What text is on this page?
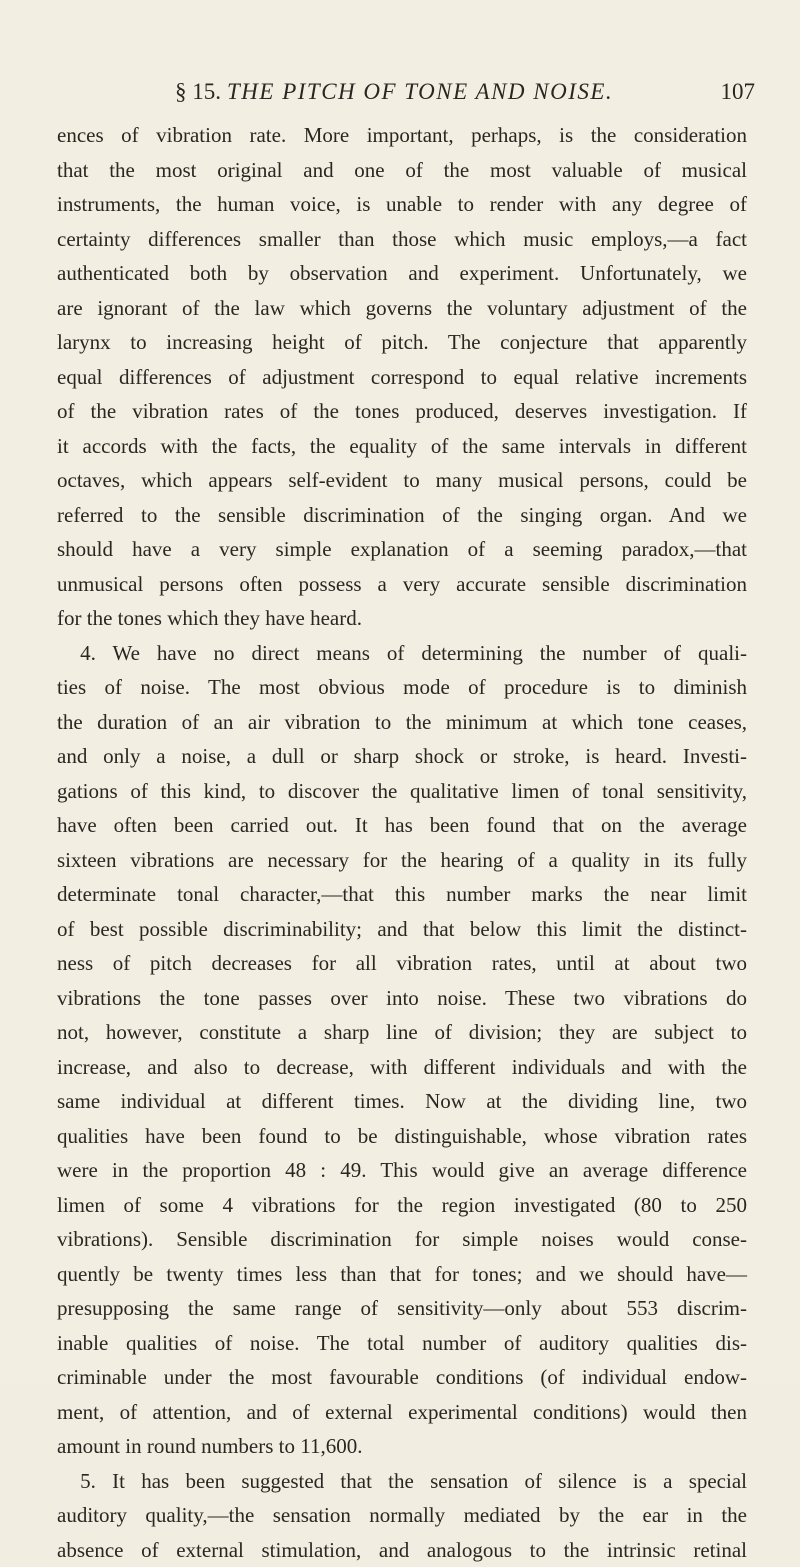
§ 15. THE PITCH OF TONE AND NOISE.	107
ences of vibration rate. More important, perhaps, is the consideration
that the most original and one of the most valuable of musical
instruments, the human voice, is unable to render with any degree of
certainty differences smaller than those which music employs,—a fact
authenticated both by observation and experiment. Unfortunately, we
are ignorant of the law which governs the voluntary adjustment of the
larynx to increasing height of pitch. The conjecture that apparently
equal differences of adjustment correspond to equal relative increments
of the vibration rates of the tones produced, deserves investigation. If
it accords with the facts, the equality of the same intervals in different
octaves, which appears self-evident to many musical persons, could be
referred to the sensible discrimination of the singing organ. And we
should have a very simple explanation of a seeming paradox,—that
unmusical persons often possess a very accurate sensible discrimination
for the tones which they have heard.
4. We have no direct means of determining the number of quali-
ties of noise. The most obvious mode of procedure is to diminish
the duration of an air vibration to the minimum at which tone ceases,
and only a noise, a dull or sharp shock or stroke, is heard. Investi-
gations of this kind, to discover the qualitative limen of tonal sensitivity,
have often been carried out. It has been found that on the average
sixteen vibrations are necessary for the hearing of a quality in its fully
determinate tonal character,—that this number marks the near limit
of best possible discriminability; and that below this limit the distinct-
ness of pitch decreases for all vibration rates, until at about two
vibrations the tone passes over into noise. These two vibrations do
not, however, constitute a sharp line of division; they are subject to
increase, and also to decrease, with different individuals and with the
same individual at different times. Now at the dividing line, two
qualities have been found to be distinguishable, whose vibration rates
were in the proportion 48 : 49. This would give an average difference
limen of some 4 vibrations for the region investigated (80 to 250
vibrations). Sensible discrimination for simple noises would conse-
quently be twenty times less than that for tones; and we should have—
presupposing the same range of sensitivity—only about 553 discrim-
inable qualities of noise. The total number of auditory qualities dis-
criminable under the most favourable conditions (of individual endow-
ment, of attention, and of external experimental conditions) would then
amount in round numbers to 11,600.
5. It has been suggested that the sensation of silence is a special
auditory quality,—the sensation normally mediated by the ear in the
absence of external stimulation, and analogous to the intrinsic retinal
